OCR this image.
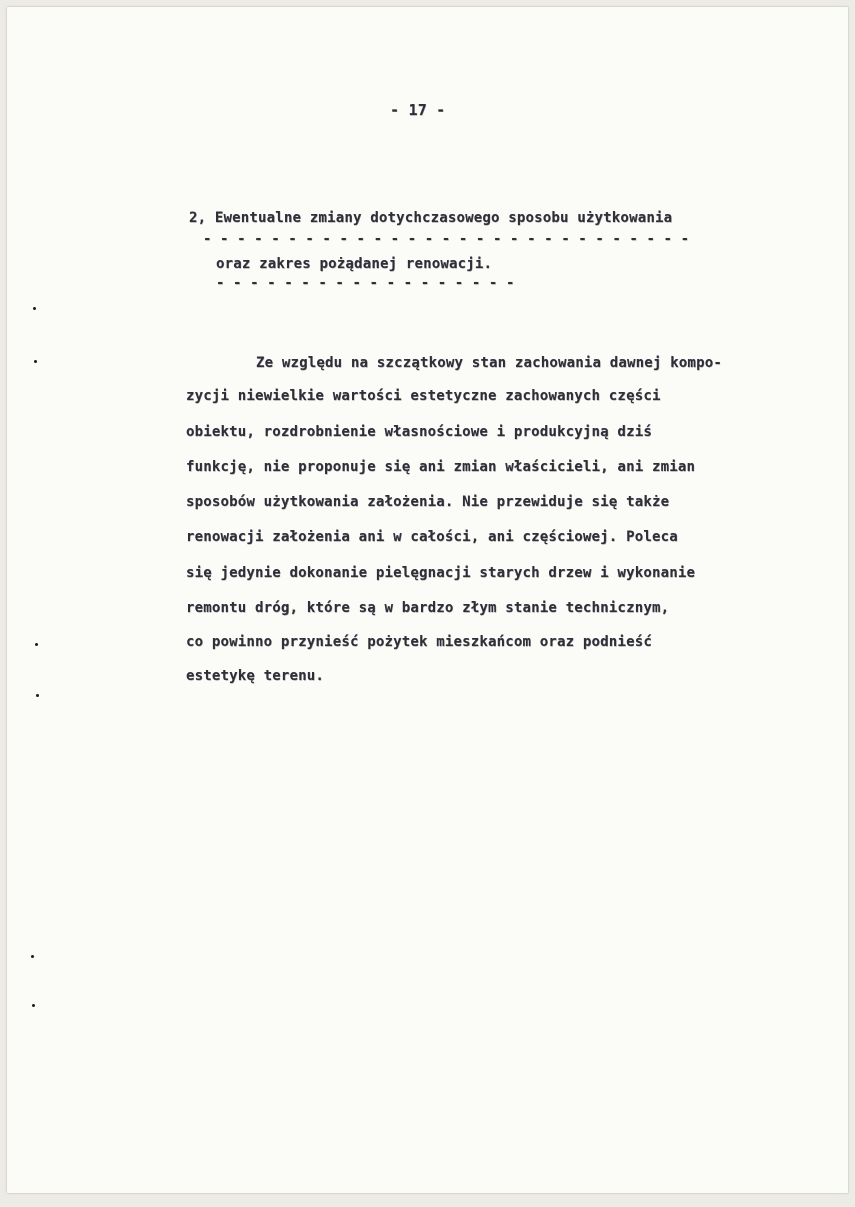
- 17 -
2, Ewentualne zmiany dotychczasowego sposobu użytkowania
- - - - - - - - - - - - - - - - - - - - - - - - - - - - -
oraz zakres pożądanej renowacji.
- - - - - - - - - - - - - - - - - -
Ze względu na szczątkowy stan zachowania dawnej kompo-
zycji niewielkie wartości estetyczne zachowanych części
obiektu, rozdrobnienie własnościowe i produkcyjną dziś
funkcję, nie proponuje się ani zmian właścicieli, ani zmian
sposobów użytkowania założenia. Nie przewiduje się także
renowacji założenia ani w całości, ani częściowej. Poleca
się jedynie dokonanie pielęgnacji starych drzew i wykonanie
remontu dróg, które są w bardzo złym stanie technicznym,
co powinno przynieść pożytek mieszkańcom oraz podnieść
estetykę terenu.
